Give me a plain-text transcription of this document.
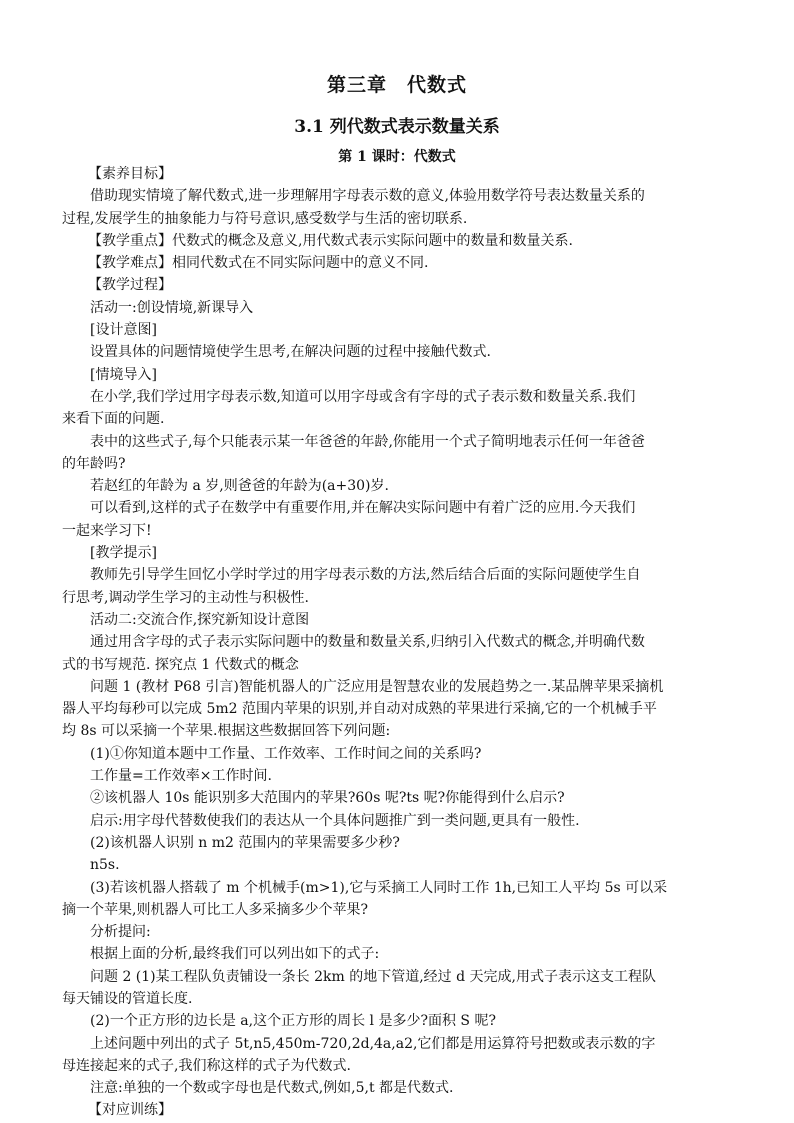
第三章　代数式
3.1 列代数式表示数量关系
第 1 课时：代数式
【素养目标】
借助现实情境了解代数式,进一步理解用字母表示数的意义,体验用数学符号表达数量关系的
过程,发展学生的抽象能力与符号意识,感受数学与生活的密切联系.
【教学重点】代数式的概念及意义,用代数式表示实际问题中的数量和数量关系.
【教学难点】相同代数式在不同实际问题中的意义不同.
【教学过程】
活动一:创设情境,新课导入
[设计意图]
设置具体的问题情境使学生思考,在解决问题的过程中接触代数式.
[情境导入]
在小学,我们学过用字母表示数,知道可以用字母或含有字母的式子表示数和数量关系.我们
来看下面的问题.
表中的这些式子,每个只能表示某一年爸爸的年龄,你能用一个式子简明地表示任何一年爸爸
的年龄吗?
若赵红的年龄为 a 岁,则爸爸的年龄为(a+30)岁.
可以看到,这样的式子在数学中有重要作用,并在解决实际问题中有着广泛的应用.今天我们
一起来学习下!
[教学提示]
教师先引导学生回忆小学时学过的用字母表示数的方法,然后结合后面的实际问题使学生自
行思考,调动学生学习的主动性与积极性.
活动二:交流合作,探究新知设计意图
通过用含字母的式子表示实际问题中的数量和数量关系,归纳引入代数式的概念,并明确代数
式的书写规范. 探究点 1 代数式的概念
问题 1 (教材 P68 引言)智能机器人的广泛应用是智慧农业的发展趋势之一.某品牌苹果采摘机
器人平均每秒可以完成 5m2 范围内苹果的识别,并自动对成熟的苹果进行采摘,它的一个机械手平
均 8s 可以采摘一个苹果.根据这些数据回答下列问题:
(1)①你知道本题中工作量、工作效率、工作时间之间的关系吗?
工作量=工作效率×工作时间.
②该机器人 10s 能识别多大范围内的苹果?60s 呢?ts 呢?你能得到什么启示?
启示:用字母代替数使我们的表达从一个具体问题推广到一类问题,更具有一般性.
(2)该机器人识别 n m2 范围内的苹果需要多少秒?
n5s.
(3)若该机器人搭载了 m 个机械手(m>1),它与采摘工人同时工作 1h,已知工人平均 5s 可以采
摘一个苹果,则机器人可比工人多采摘多少个苹果?
分析提问:
根据上面的分析,最终我们可以列出如下的式子:
问题 2 (1)某工程队负责铺设一条长 2km 的地下管道,经过 d 天完成,用式子表示这支工程队
每天铺设的管道长度.
(2)一个正方形的边长是 a,这个正方形的周长 l 是多少?面积 S 呢?
上述问题中列出的式子 5t,n5,450m-720,2d,4a,a2,它们都是用运算符号把数或表示数的字
母连接起来的式子,我们称这样的式子为代数式.
注意:单独的一个数或字母也是代数式,例如,5,t 都是代数式.
【对应训练】
